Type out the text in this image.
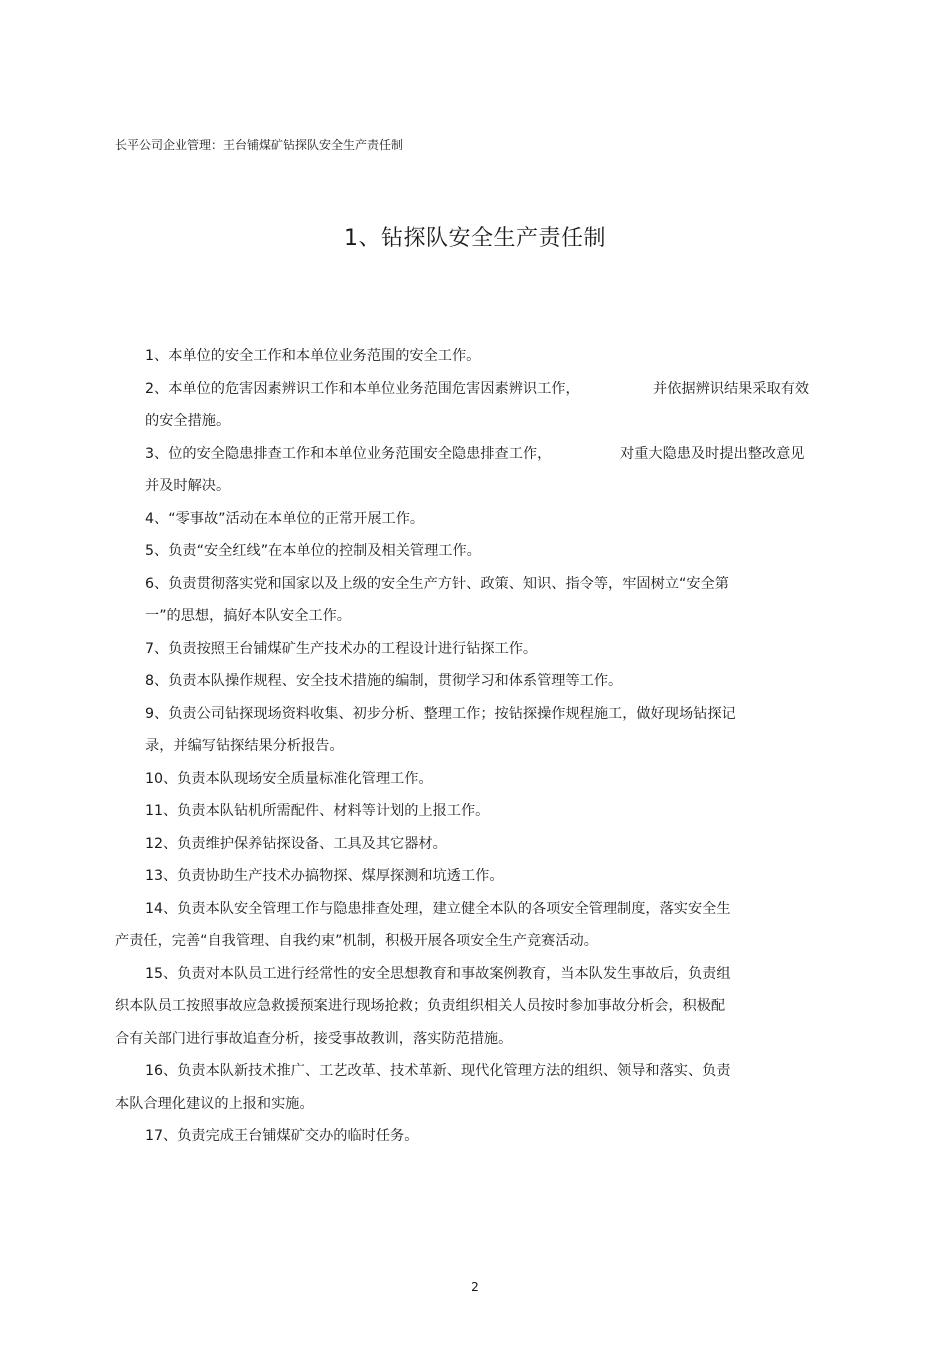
长平公司企业管理：王台铺煤矿钻探队安全生产责任制
1、钻探队安全生产责任制
1、本单位的安全工作和本单位业务范围的安全工作。
2、本单位的危害因素辨识工作和本单位业务范围危害因素辨识工作，	并依据辨识结果采取有效
的安全措施。
3、位的安全隐患排查工作和本单位业务范围安全隐患排查工作，	对重大隐患及时提出整改意见
并及时解决。
4、“零事故”活动在本单位的正常开展工作。
5、负责“安全红线”在本单位的控制及相关管理工作。
6、负责贯彻落实党和国家以及上级的安全生产方针、政策、知识、指令等，牢固树立“安全第
一”的思想，搞好本队安全工作。
7、负责按照王台铺煤矿生产技术办的工程设计进行钻探工作。
8、负责本队操作规程、安全技术措施的编制，贯彻学习和体系管理等工作。
9、负责公司钻探现场资料收集、初步分析、整理工作；按钻探操作规程施工，做好现场钻探记
录，并编写钻探结果分析报告。
10、负责本队现场安全质量标准化管理工作。
11、负责本队钻机所需配件、材料等计划的上报工作。
12、负责维护保养钻探设备、工具及其它器材。
13、负责协助生产技术办搞物探、煤厚探测和坑透工作。
14、负责本队安全管理工作与隐患排查处理，建立健全本队的各项安全管理制度，落实安全生
产责任，完善“自我管理、自我约束”机制，积极开展各项安全生产竞赛活动。
15、负责对本队员工进行经常性的安全思想教育和事故案例教育，当本队发生事故后，负责组
织本队员工按照事故应急救援预案进行现场抢救；负责组织相关人员按时参加事故分析会，积极配
合有关部门进行事故追查分析，接受事故教训，落实防范措施。
16、负责本队新技术推广、工艺改革、技术革新、现代化管理方法的组织、领导和落实、负责
本队合理化建议的上报和实施。
17、负责完成王台铺煤矿交办的临时任务。
2
